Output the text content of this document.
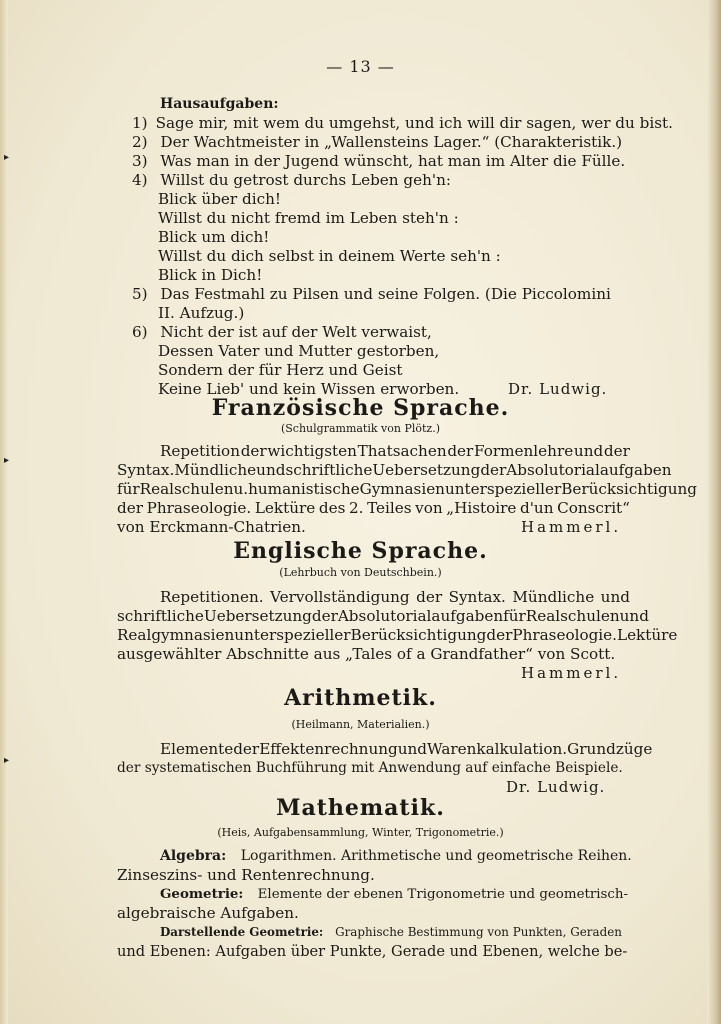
▸
▸
▸
— 13 —
Hausaufgaben:
1) Sage mir, mit wem du umgehst, und ich will dir sagen, wer du bist.
2) Der Wachtmeister in „Wallensteins Lager.“ (Charakteristik.)
3) Was man in der Jugend wünscht, hat man im Alter die Fülle.
4) Willst du getrost durchs Leben geh'n:
Blick über dich!
Willst du nicht fremd im Leben steh'n :
Blick um dich!
Willst du dich selbst in deinem Werte seh'n :
Blick in Dich!
5) Das Festmahl zu Pilsen und seine Folgen. (Die Piccolomini
II. Aufzug.)
6) Nicht der ist auf der Welt verwaist,
Dessen Vater und Mutter gestorben,
Sondern der für Herz und Geist
Keine Lieb' und kein Wissen erworben.	Dr. Ludwig.
Französische Sprache.
(Schulgrammatik von Plötz.)
Repetition der wichtigsten Thatsachen der Formenlehre und der
Syntax. Mündliche und schriftliche Uebersetzung der Absolutorialaufgaben
für Realschulen u. humanistische Gymnasien unter spezieller Berücksichtigung
der Phraseologie. Lektüre des 2. Teiles von „Histoire d'un Conscrit“
von Erckmann-Chatrien.	Hammerl.
Englische Sprache.
(Lehrbuch von Deutschbein.)
Repetitionen. Vervollständigung der Syntax. Mündliche und
schriftliche Uebersetzung der Absolutorialaufgaben für Realschulen und
Realgymnasien unter spezieller Berücksichtigung der Phraseologie. Lektüre
ausgewählter Abschnitte aus „Tales of a Grandfather“ von Scott.
Hammerl.
Arithmetik.
(Heilmann, Materialien.)
Elemente der Effektenrechnung und Warenkalkulation. Grundzüge
der systematischen Buchführung mit Anwendung auf einfache Beispiele.
Dr. Ludwig.
Mathematik.
(Heis, Aufgabensammlung, Winter, Trigonometrie.)
Algebra: Logarithmen. Arithmetische und geometrische Reihen.
Zinseszins- und Rentenrechnung.
Geometrie: Elemente der ebenen Trigonometrie und geometrisch-
algebraische Aufgaben.
Darstellende Geometrie: Graphische Bestimmung von Punkten, Geraden
und Ebenen: Aufgaben über Punkte, Gerade und Ebenen, welche be-
